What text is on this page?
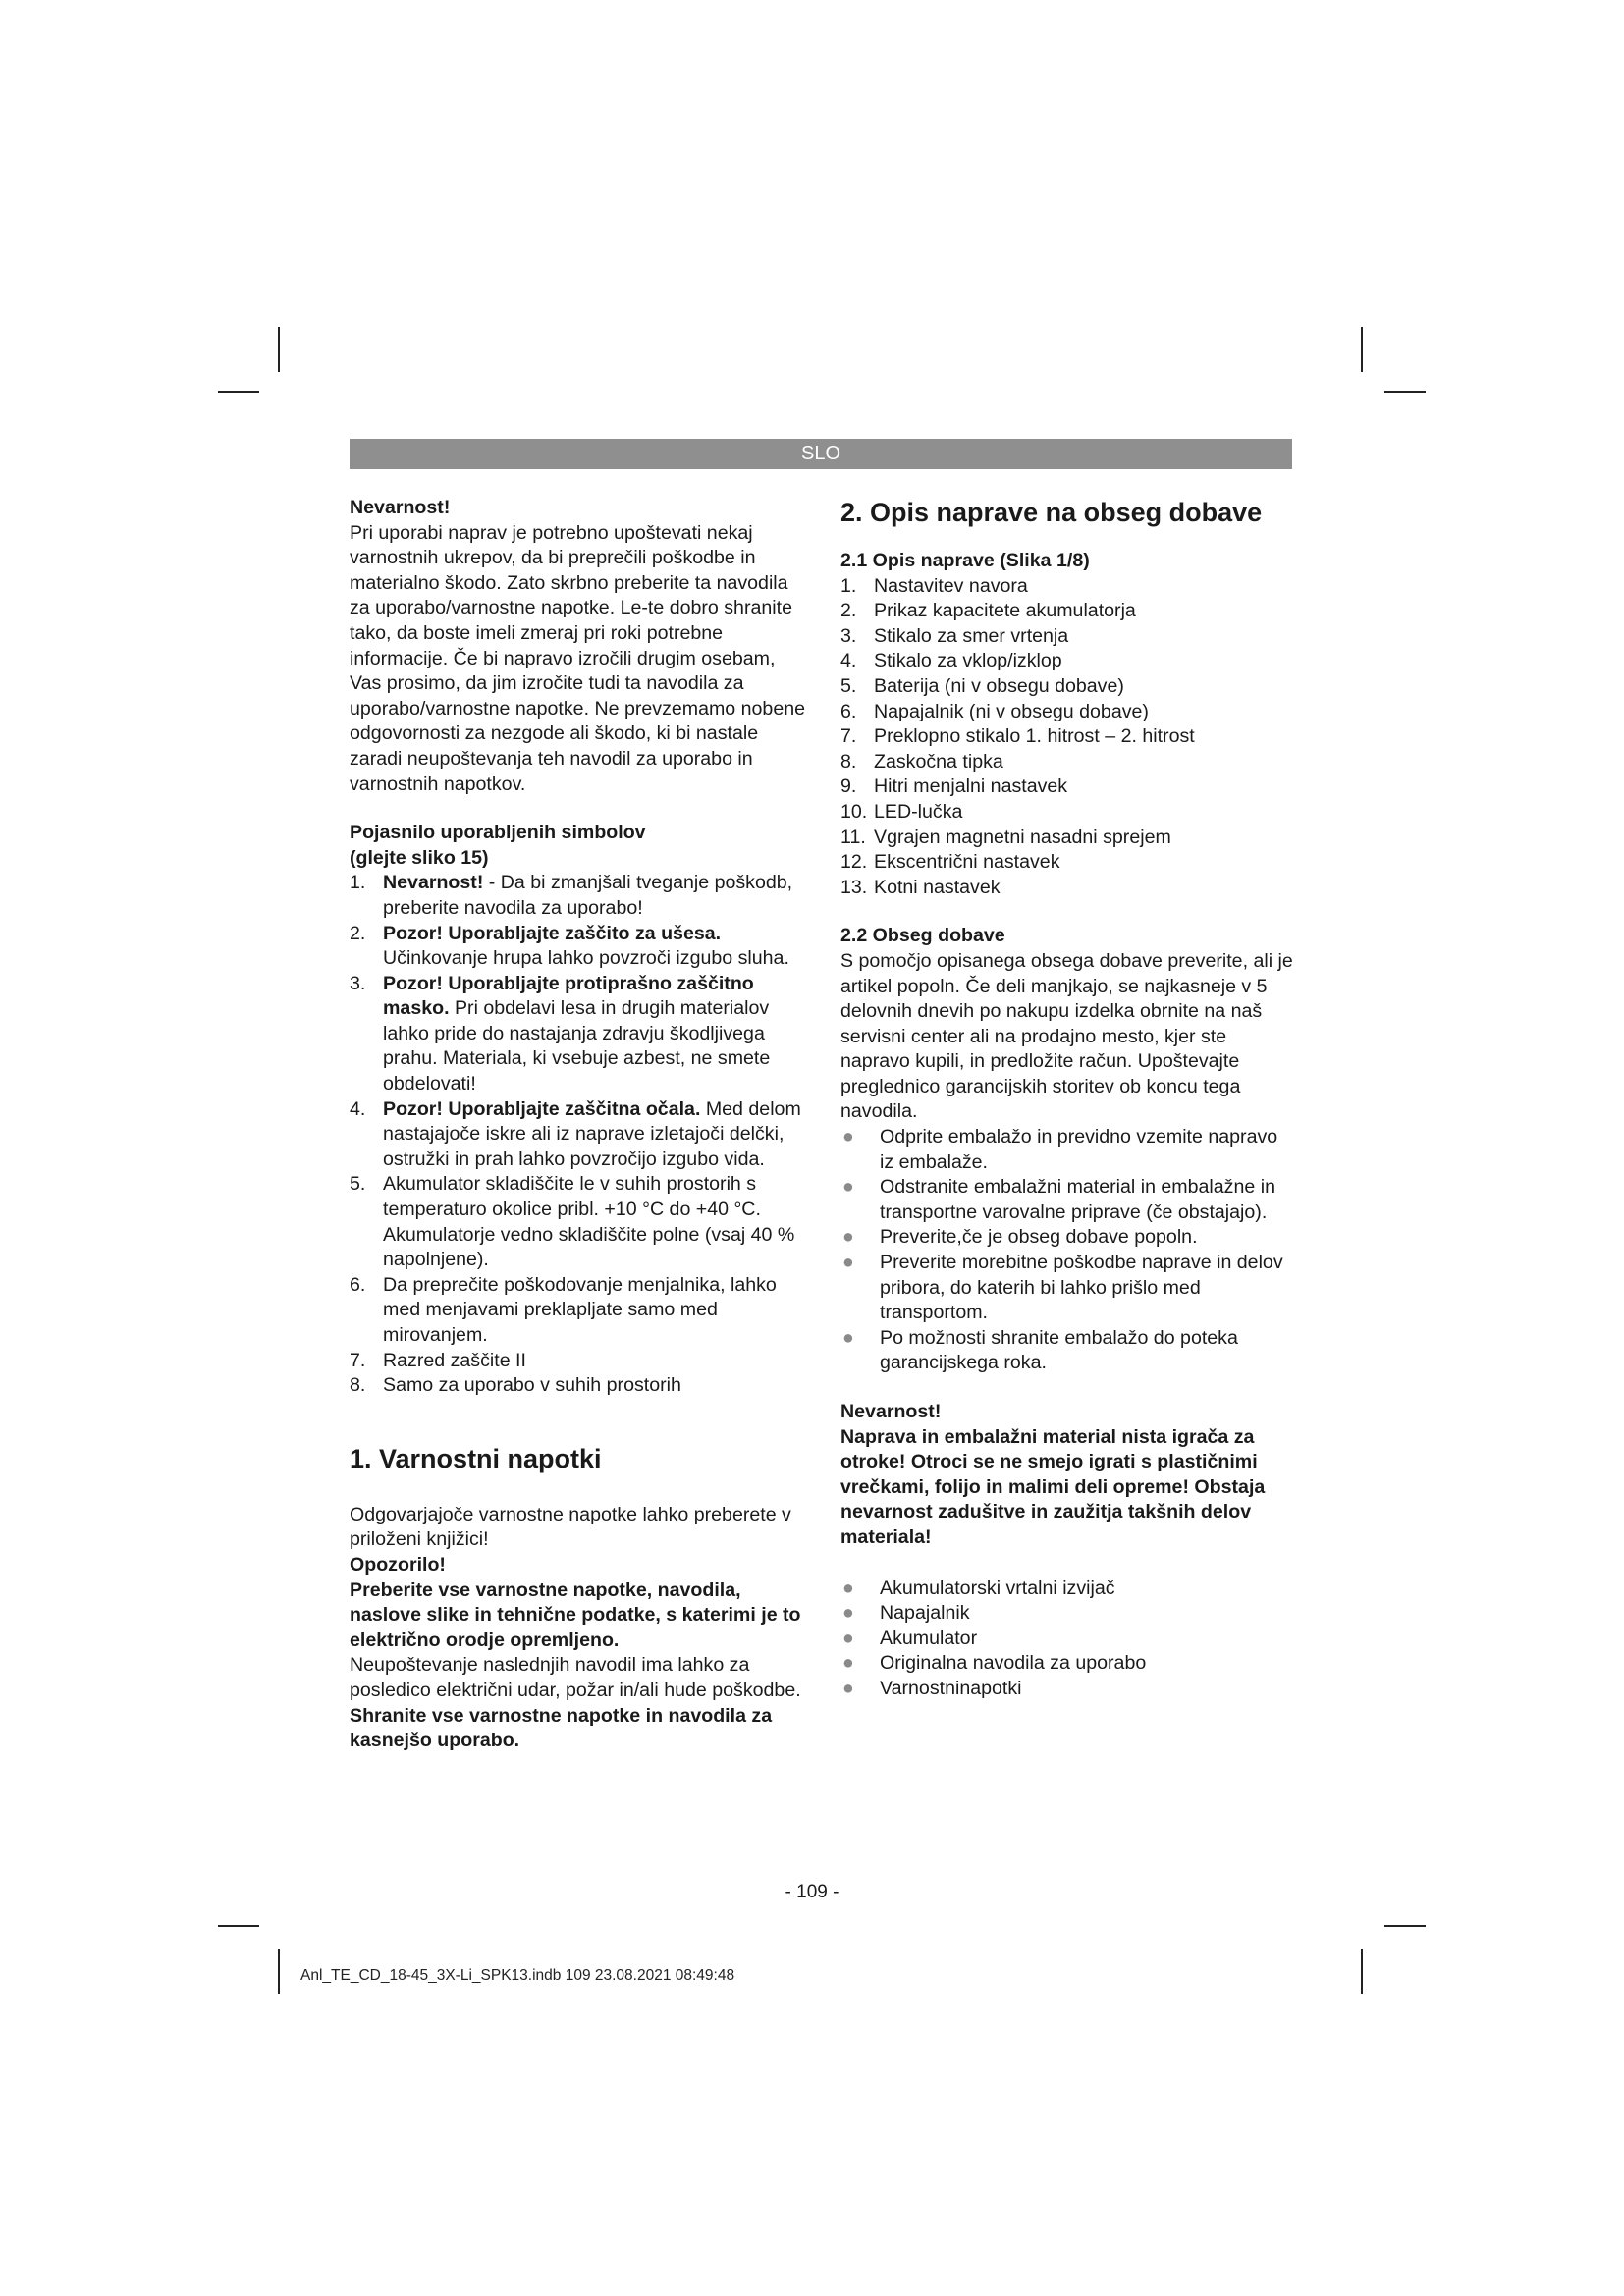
SLO

Nevarnost!

Pri uporabi naprav je potrebno upoštevati nekaj varnostnih ukrepov, da bi preprečili poškodbe in materialno škodo. Zato skrbno preberite ta navodila za uporabo/varnostne napotke. Le-te dobro shranite tako, da boste imeli zmeraj pri roki potrebne informacije. Če bi napravo izročili drugim osebam, Vas prosimo, da jim izročite tudi ta navodila za uporabo/varnostne napotke. Ne prevzemamo nobene odgovornosti za nezgode ali škodo, ki bi nastale zaradi neupoštevanja teh navodil za uporabo in varnostnih napotkov.

Pojasnilo uporabljenih simbolov

(glejte sliko 15)

1. Nevarnost! - Da bi zmanjšali tveganje poškodb, preberite navodila za uporabo!
2. Pozor! Uporabljajte zaščito za ušesa. Učinkovanje hrupa lahko povzroči izgubo sluha.
3. Pozor! Uporabljajte protiprašno zaščitno masko. Pri obdelavi lesa in drugih materialov lahko pride do nastajanja zdravju škodljivega prahu. Materiala, ki vsebuje azbest, ne smete obdelovati!
4. Pozor! Uporabljajte zaščitna očala. Med delom nastajajoče iskre ali iz naprave izletajoči delčki, ostružki in prah lahko povzročijo izgubo vida.
5. Akumulator skladiščite le v suhih prostorih s temperaturo okolice pribl. +10 °C do +40 °C. Akumulatorje vedno skladiščite polne (vsaj 40 % napolnjene).
6. Da preprečite poškodovanje menjalnika, lahko med menjavami preklapljate samo med mirovanjem.
7. Razred zaščite II
8. Samo za uporabo v suhih prostorih

1. Varnostni napotki

Odgovarjajoče varnostne napotke lahko preberete v priloženi knjižici!

Opozorilo!

Preberite vse varnostne napotke, navodila, naslove slike in tehnične podatke, s katerimi je to električno orodje opremljeno.

Neupoštevanje naslednjih navodil ima lahko za posledico električni udar, požar in/ali hude poškodbe.

Shranite vse varnostne napotke in navodila za kasnejšo uporabo.

2. Opis naprave na obseg dobave

2.1 Opis naprave (Slika 1/8)

1. Nastavitev navora
2. Prikaz kapacitete akumulatorja
3. Stikalo za smer vrtenja
4. Stikalo za vklop/izklop
5. Baterija (ni v obsegu dobave)
6. Napajalnik (ni v obsegu dobave)
7. Preklopno stikalo 1. hitrost – 2. hitrost
8. Zaskočna tipka
9. Hitri menjalni nastavek
10. LED-lučka
11. Vgrajen magnetni nasadni sprejem
12. Ekscentrični nastavek
13. Kotni nastavek

2.2 Obseg dobave

S pomočjo opisanega obsega dobave preverite, ali je artikel popoln. Če deli manjkajo, se najkasneje v 5 delovnih dnevih po nakupu izdelka obrnite na naš servisni center ali na prodajno mesto, kjer ste napravo kupili, in predložite račun. Upoštevajte preglednico garancijskih storitev ob koncu tega navodila.

● Odprite embalažo in previdno vzemite napravo iz embalaže.
● Odstranite embalažni material in embalažne in transportne varovalne priprave (če obstajajo).
● Preverite,če je obseg dobave popoln.
● Preverite morebitne poškodbe naprave in delov pribora, do katerih bi lahko prišlo med transportom.
● Po možnosti shranite embalažo do poteka garancijskega roka.

Nevarnost!

Naprava in embalažni material nista igrača za otroke! Otroci se ne smejo igrati s plastičnimi vrečkami, folijo in malimi deli opreme! Obstaja nevarnost zadušitve in zaužitja takšnih delov materiala!

● Akumulatorski vrtalni izvijač
● Napajalnik
● Akumulator
● Originalna navodila za uporabo
● Varnostninapotki
- 109 -
Anl_TE_CD_18-45_3X-Li_SPK13.indb 109 23.08.2021 08:49:48
